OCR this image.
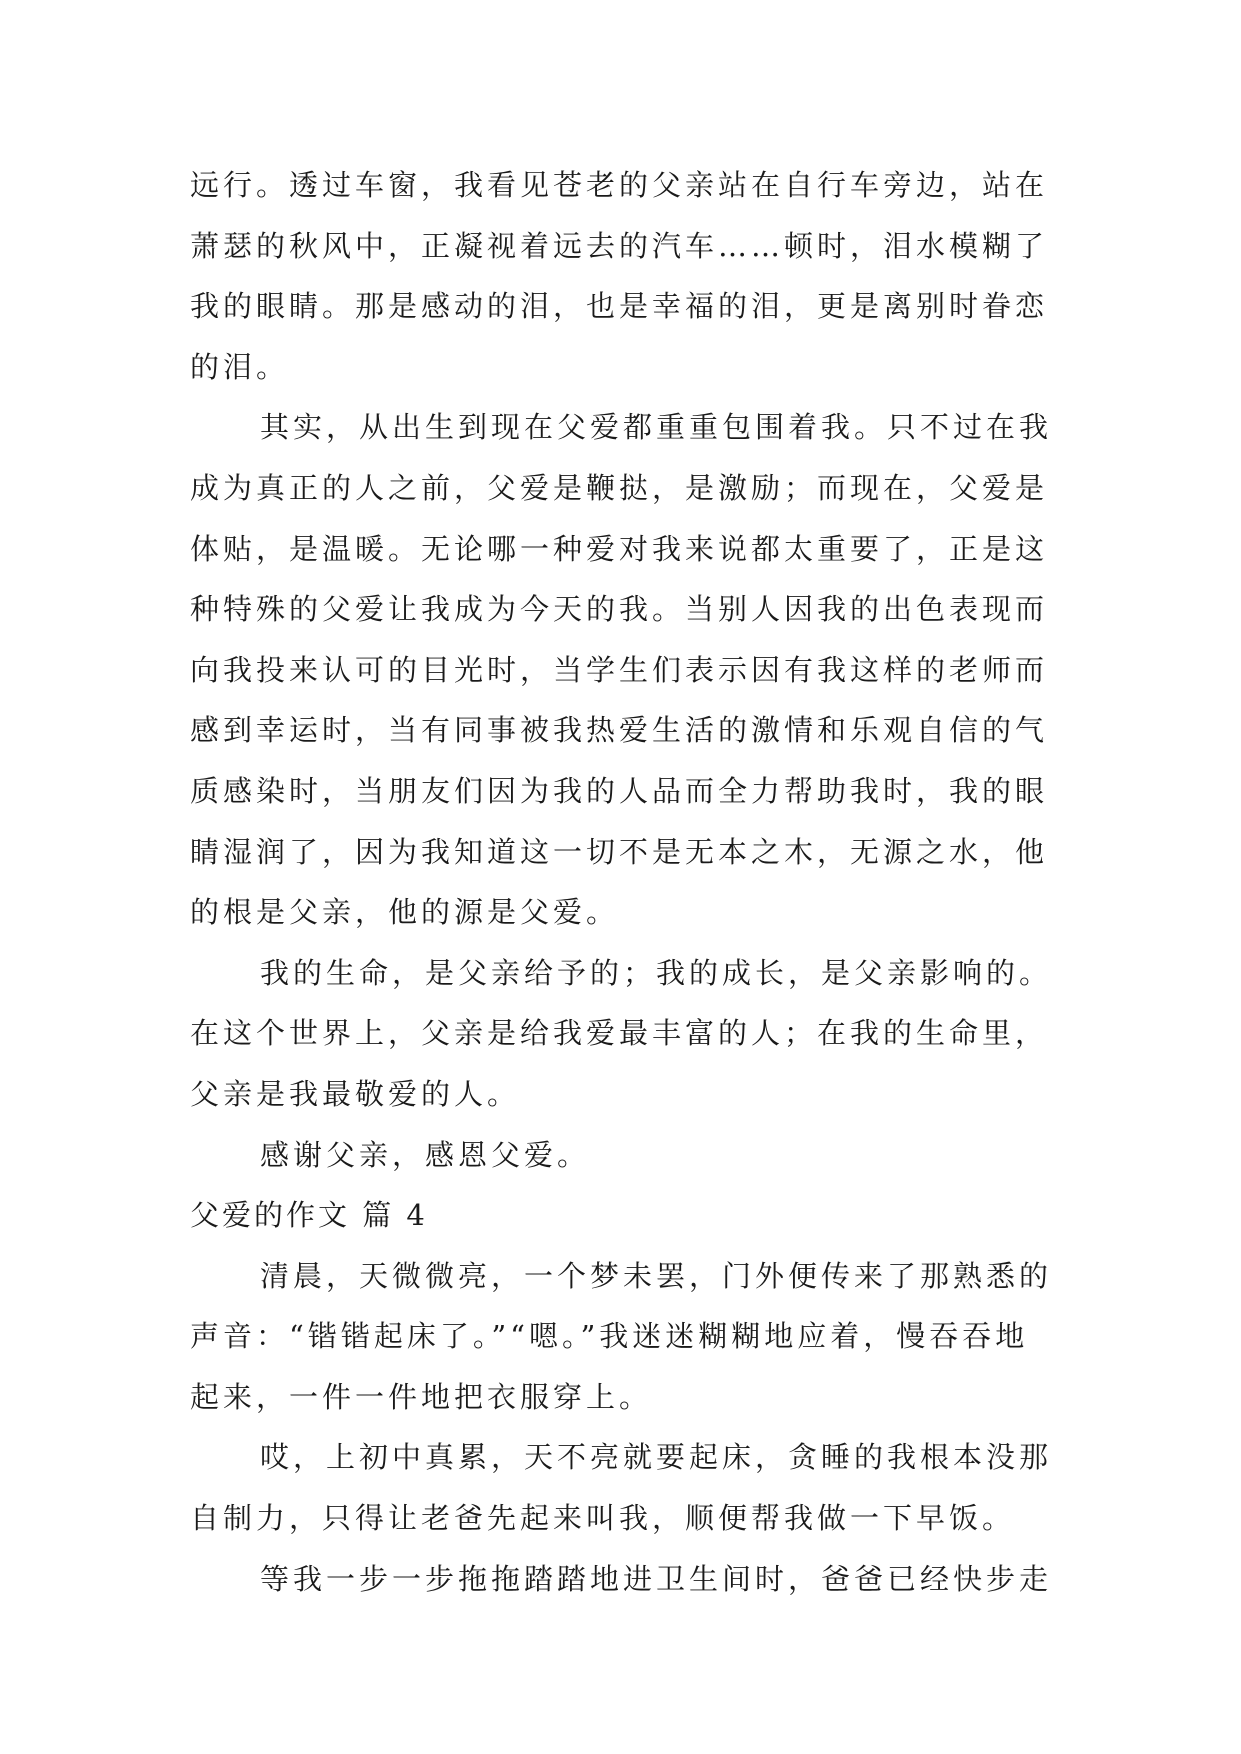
远行。透过车窗，我看见苍老的父亲站在自行车旁边，站在

萧瑟的秋风中，正凝视着远去的汽车……顿时，泪水模糊了

我的眼睛。那是感动的泪，也是幸福的泪，更是离别时眷恋

的泪。

其实，从出生到现在父爱都重重包围着我。只不过在我

成为真正的人之前，父爱是鞭挞，是激励；而现在，父爱是

体贴，是温暖。无论哪一种爱对我来说都太重要了，正是这

种特殊的父爱让我成为今天的我。当别人因我的出色表现而

向我投来认可的目光时，当学生们表示因有我这样的老师而

感到幸运时，当有同事被我热爱生活的激情和乐观自信的气

质感染时，当朋友们因为我的人品而全力帮助我时，我的眼

睛湿润了，因为我知道这一切不是无本之木，无源之水，他

的根是父亲，他的源是父爱。

我的生命，是父亲给予的；我的成长，是父亲影响的。

在这个世界上，父亲是给我爱最丰富的人；在我的生命里，

父亲是我最敬爱的人。

感谢父亲，感恩父爱。

父爱的作文 篇 4

清晨，天微微亮，一个梦未罢，门外便传来了那熟悉的

声音：“锴锴起床了。”“嗯。”我迷迷糊糊地应着，慢吞吞地

起来，一件一件地把衣服穿上。

哎，上初中真累，天不亮就要起床，贪睡的我根本没那

自制力，只得让老爸先起来叫我，顺便帮我做一下早饭。

等我一步一步拖拖踏踏地进卫生间时，爸爸已经快步走
